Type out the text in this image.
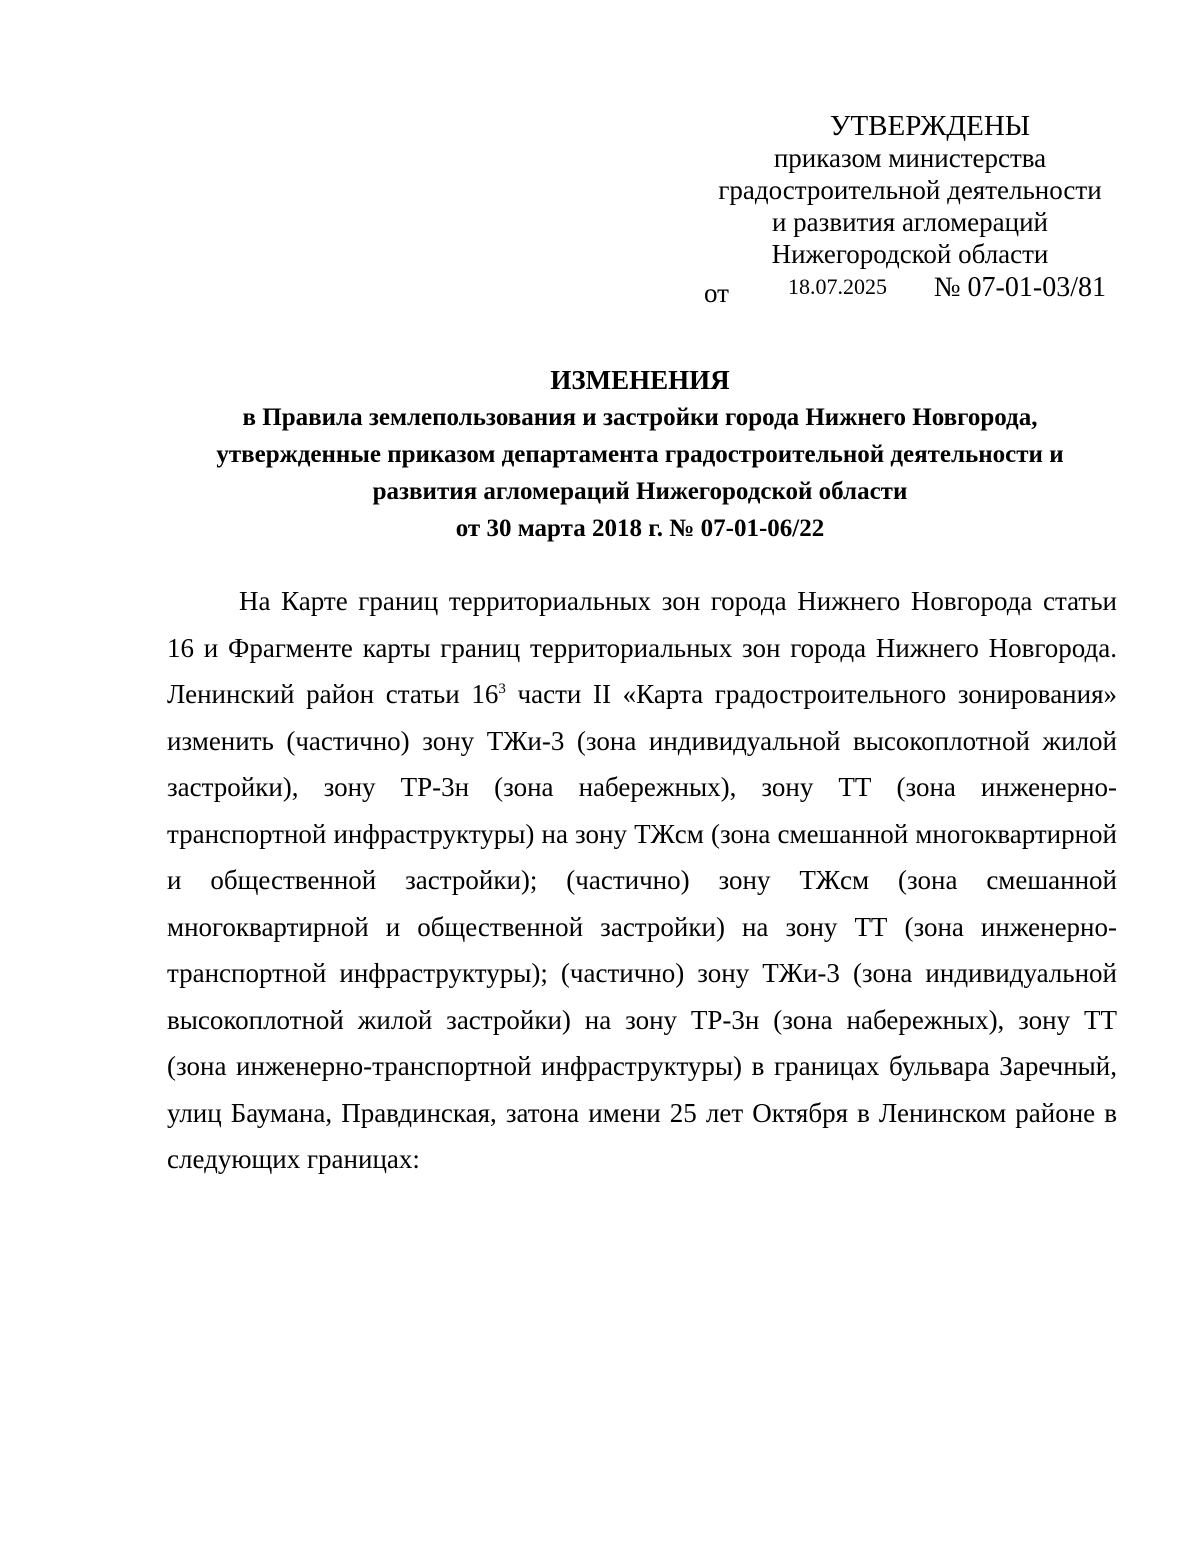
УТВЕРЖДЕНЫ
приказом министерства
градостроительной деятельности
и развития агломераций
Нижегородской области
от	18.07.2025 № 07-01-03/81
ИЗМЕНЕНИЯ
в Правила землепользования и застройки города Нижнего Новгорода,
утвержденные приказом департамента градостроительной деятельности и
развития агломераций Нижегородской области
от 30 марта 2018 г. № 07-01-06/22

На Карте границ территориальных зон города Нижнего Новгорода статьи 16 и Фрагменте карты границ территориальных зон города Нижнего Новгорода. Ленинский район статьи $16^3$ части II «Карта градостроительного зонирования» изменить (частично) зону ТЖи-3 (зона индивидуальной высокоплотной жилой застройки), зону ТР-3н (зона набережных), зону ТТ (зона инженерно-транспортной инфраструктуры) на зону ТЖсм (зона смешанной многоквартирной и общественной застройки); (частично) зону ТЖсм (зона смешанной многоквартирной и общественной застройки) на зону ТТ (зона инженерно-транспортной инфраструктуры); (частично) зону ТЖи-3 (зона индивидуальной высокоплотной жилой застройки) на зону ТР-3н (зона набережных), зону ТТ (зона инженерно-транспортной инфраструктуры) в границах бульвара Заречный, улиц Баумана, Правдинская, затона имени 25 лет Октября в Ленинском районе в следующих границах:
